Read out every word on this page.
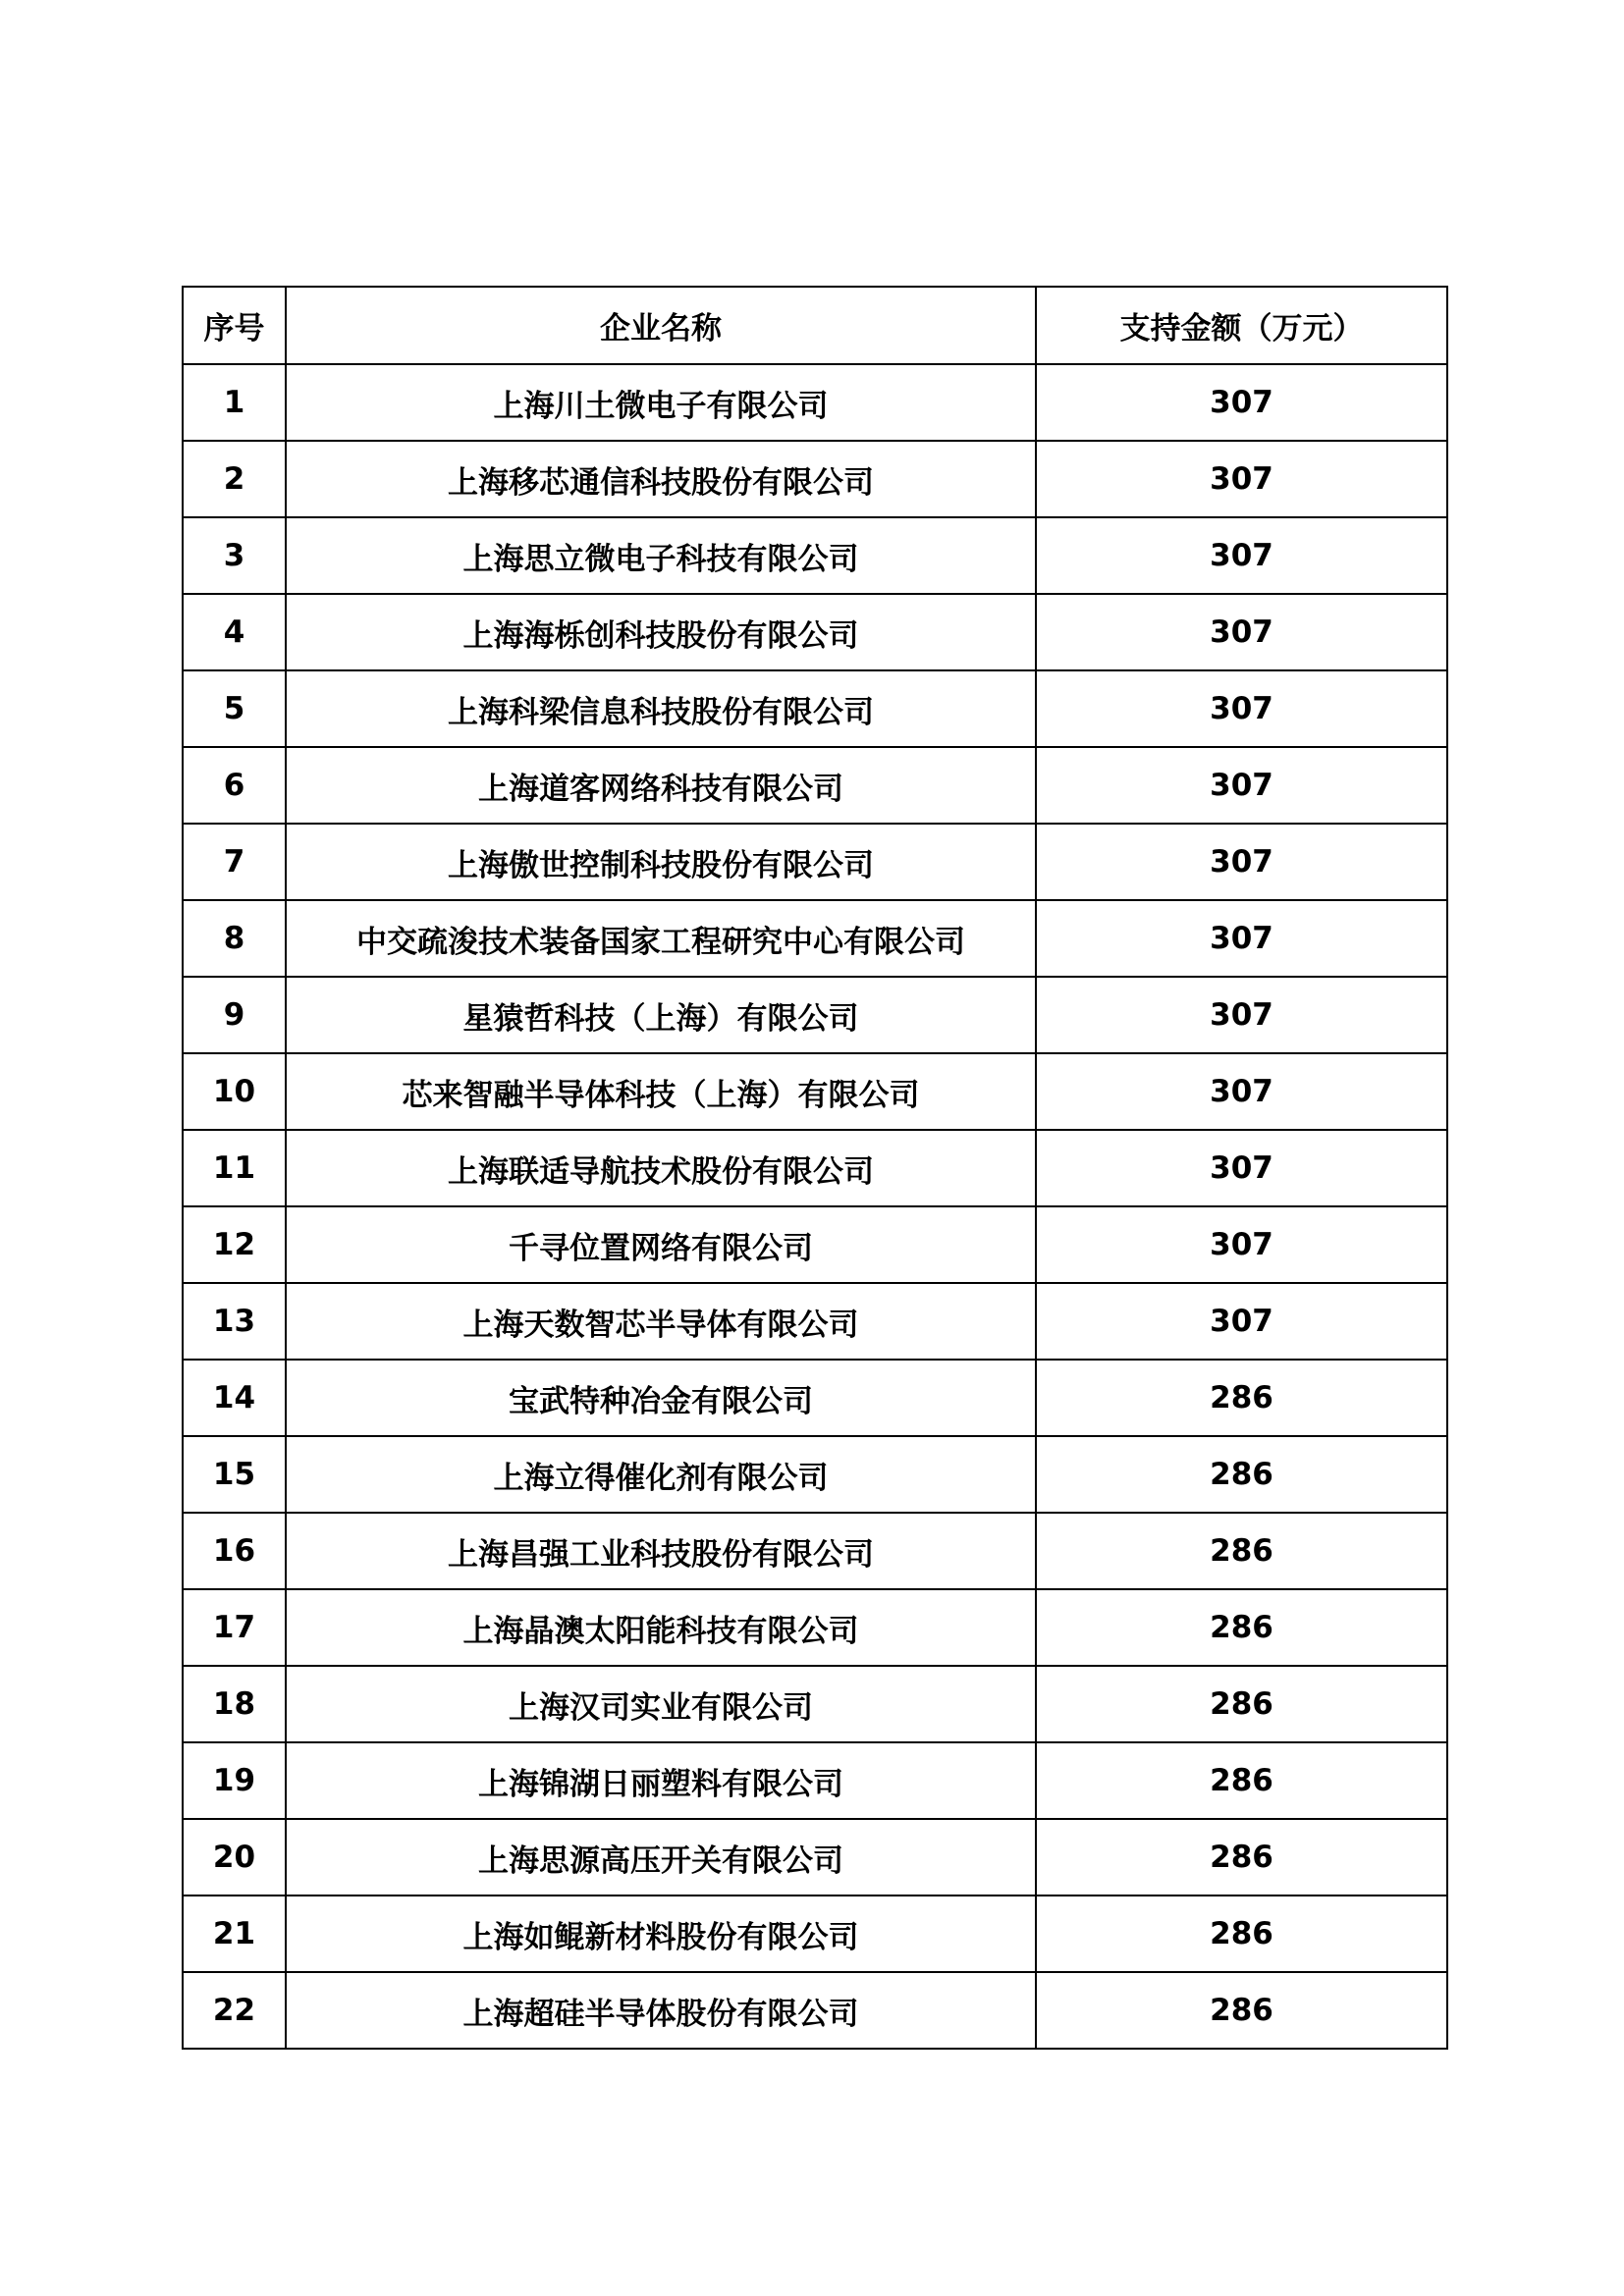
序号	企业名称	支持金额（万元）
1	上海川土微电子有限公司	307
2	上海移芯通信科技股份有限公司	307
3	上海思立微电子科技有限公司	307
4	上海海栎创科技股份有限公司	307
5	上海科梁信息科技股份有限公司	307
6	上海道客网络科技有限公司	307
7	上海傲世控制科技股份有限公司	307
8	中交疏浚技术装备国家工程研究中心有限公司	307
9	星猿哲科技（上海）有限公司	307
10	芯来智融半导体科技（上海）有限公司	307
11	上海联适导航技术股份有限公司	307
12	千寻位置网络有限公司	307
13	上海天数智芯半导体有限公司	307
14	宝武特种冶金有限公司	286
15	上海立得催化剂有限公司	286
16	上海昌强工业科技股份有限公司	286
17	上海晶澳太阳能科技有限公司	286
18	上海汉司实业有限公司	286
19	上海锦湖日丽塑料有限公司	286
20	上海思源高压开关有限公司	286
21	上海如鲲新材料股份有限公司	286
22	上海超硅半导体股份有限公司	286
